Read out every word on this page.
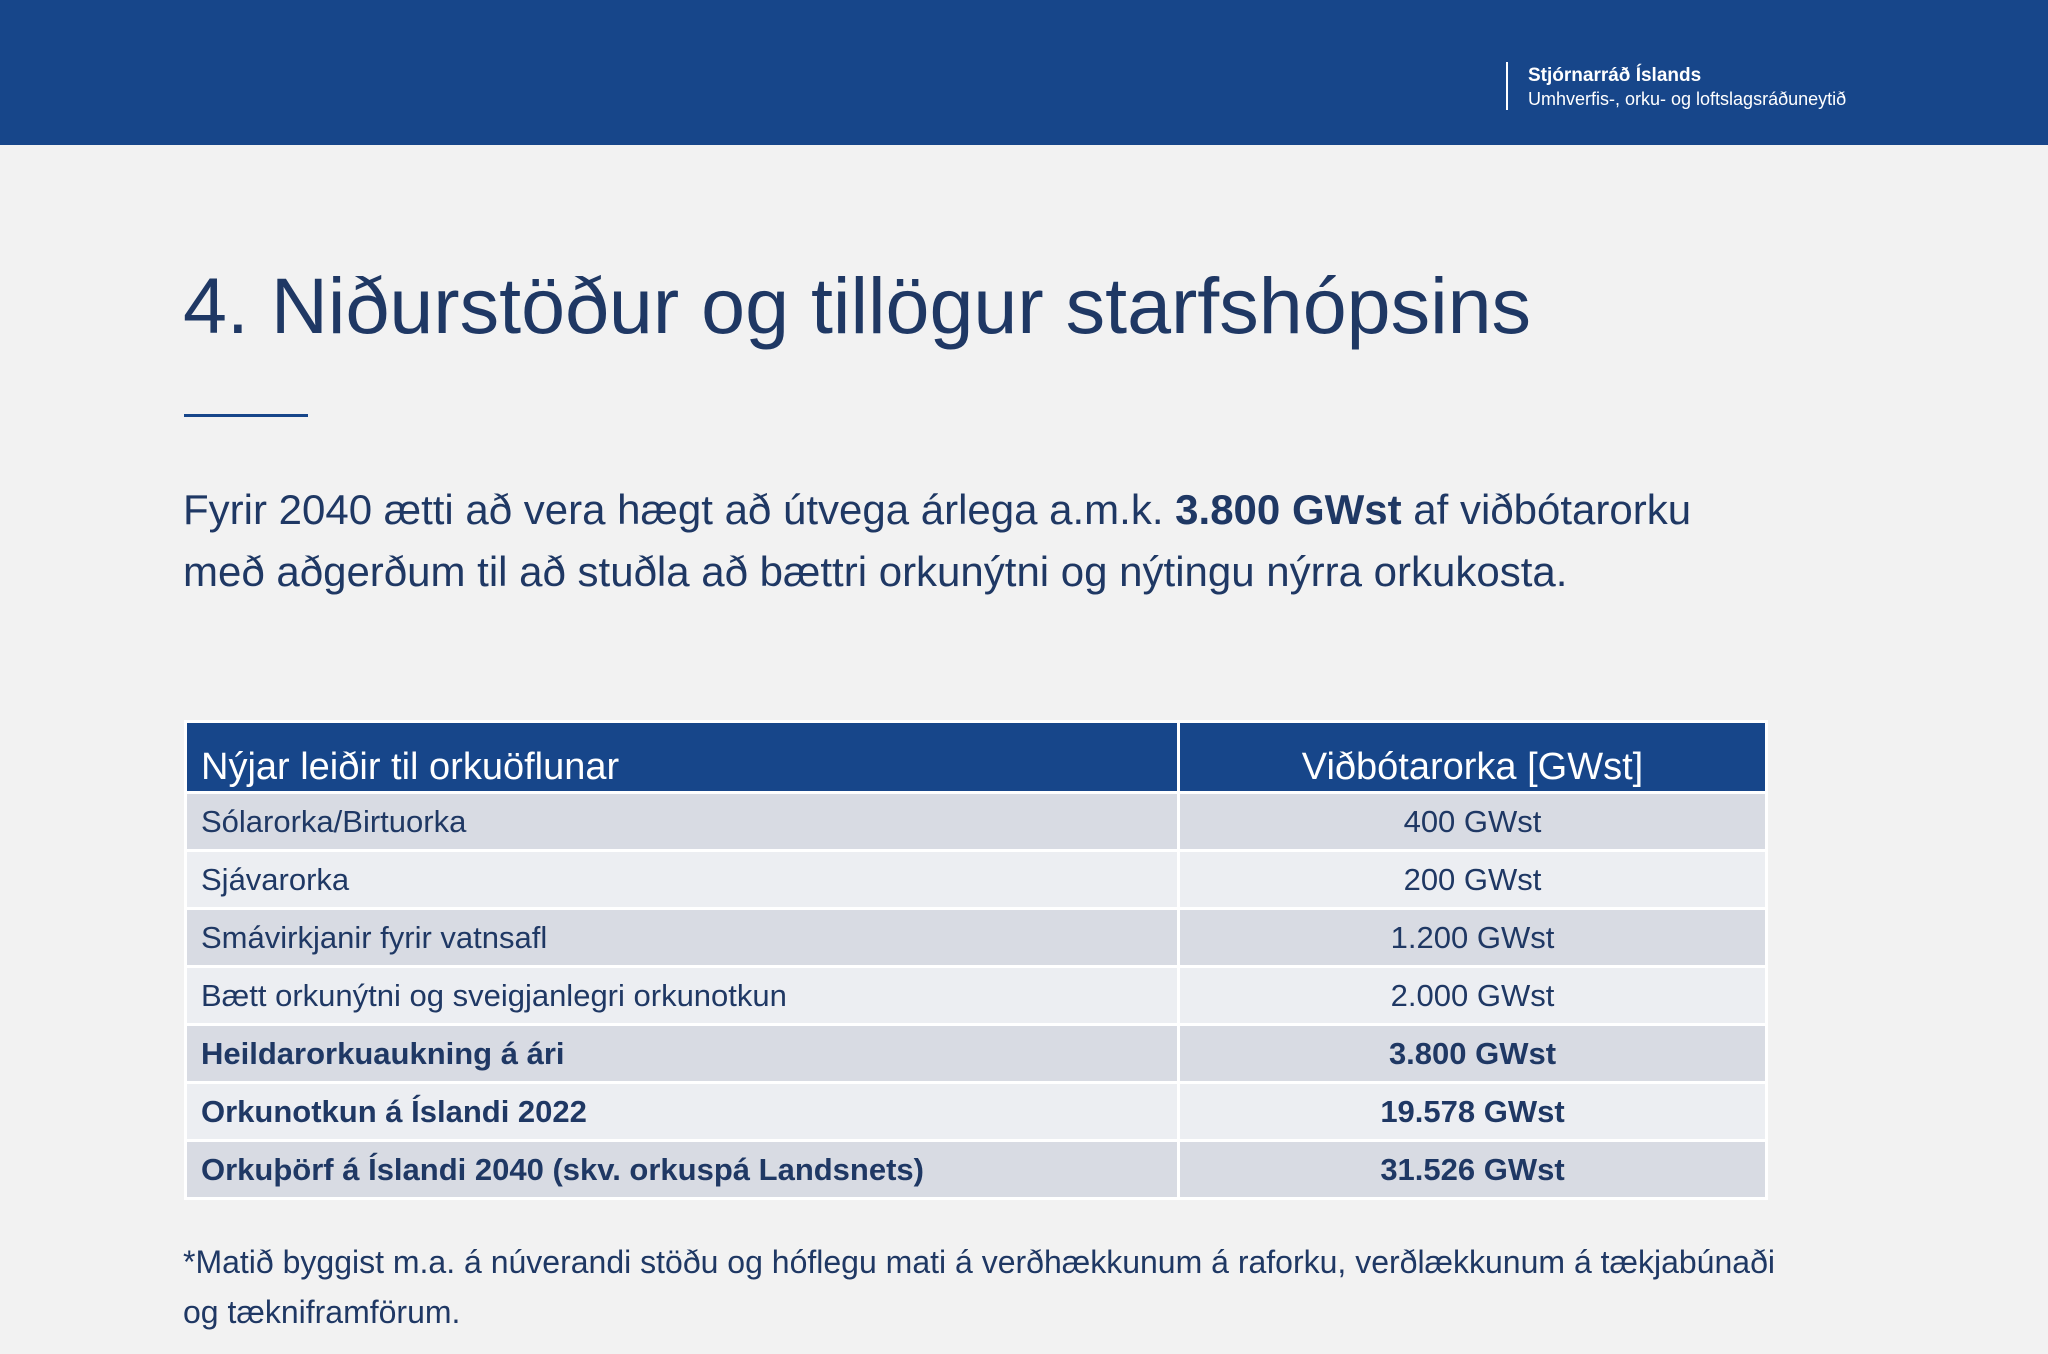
Stjórnarráð Íslands
Umhverfis-, orku- og loftslagsráðuneytið
4. Niðurstöður og tillögur starfshópsins

Fyrir 2040 ætti að vera hægt að útvega árlega a.m.k. 3.800 GWst af viðbótarorku með aðgerðum til að stuðla að bættri orkunýtni og nýtingu nýrra orkukosta.

Nýjar leiðir til orkuöflunar	Viðbótarorka [GWst]
Sólarorka/Birtuorka	400 GWst
Sjávarorka	200 GWst
Smávirkjanir fyrir vatnsafl	1.200 GWst
Bætt orkunýtni og sveigjanlegri orkunotkun	2.000 GWst
Heildarorkuaukning á ári	3.800 GWst
Orkunotkun á Íslandi 2022	19.578 GWst
Orkuþörf á Íslandi 2040 (skv. orkuspá Landsnets)	31.526 GWst

*Matið byggist m.a. á núverandi stöðu og hóflegu mati á verðhækkunum á raforku, verðlækkunum á tækjabúnaði og tækniframförum.
